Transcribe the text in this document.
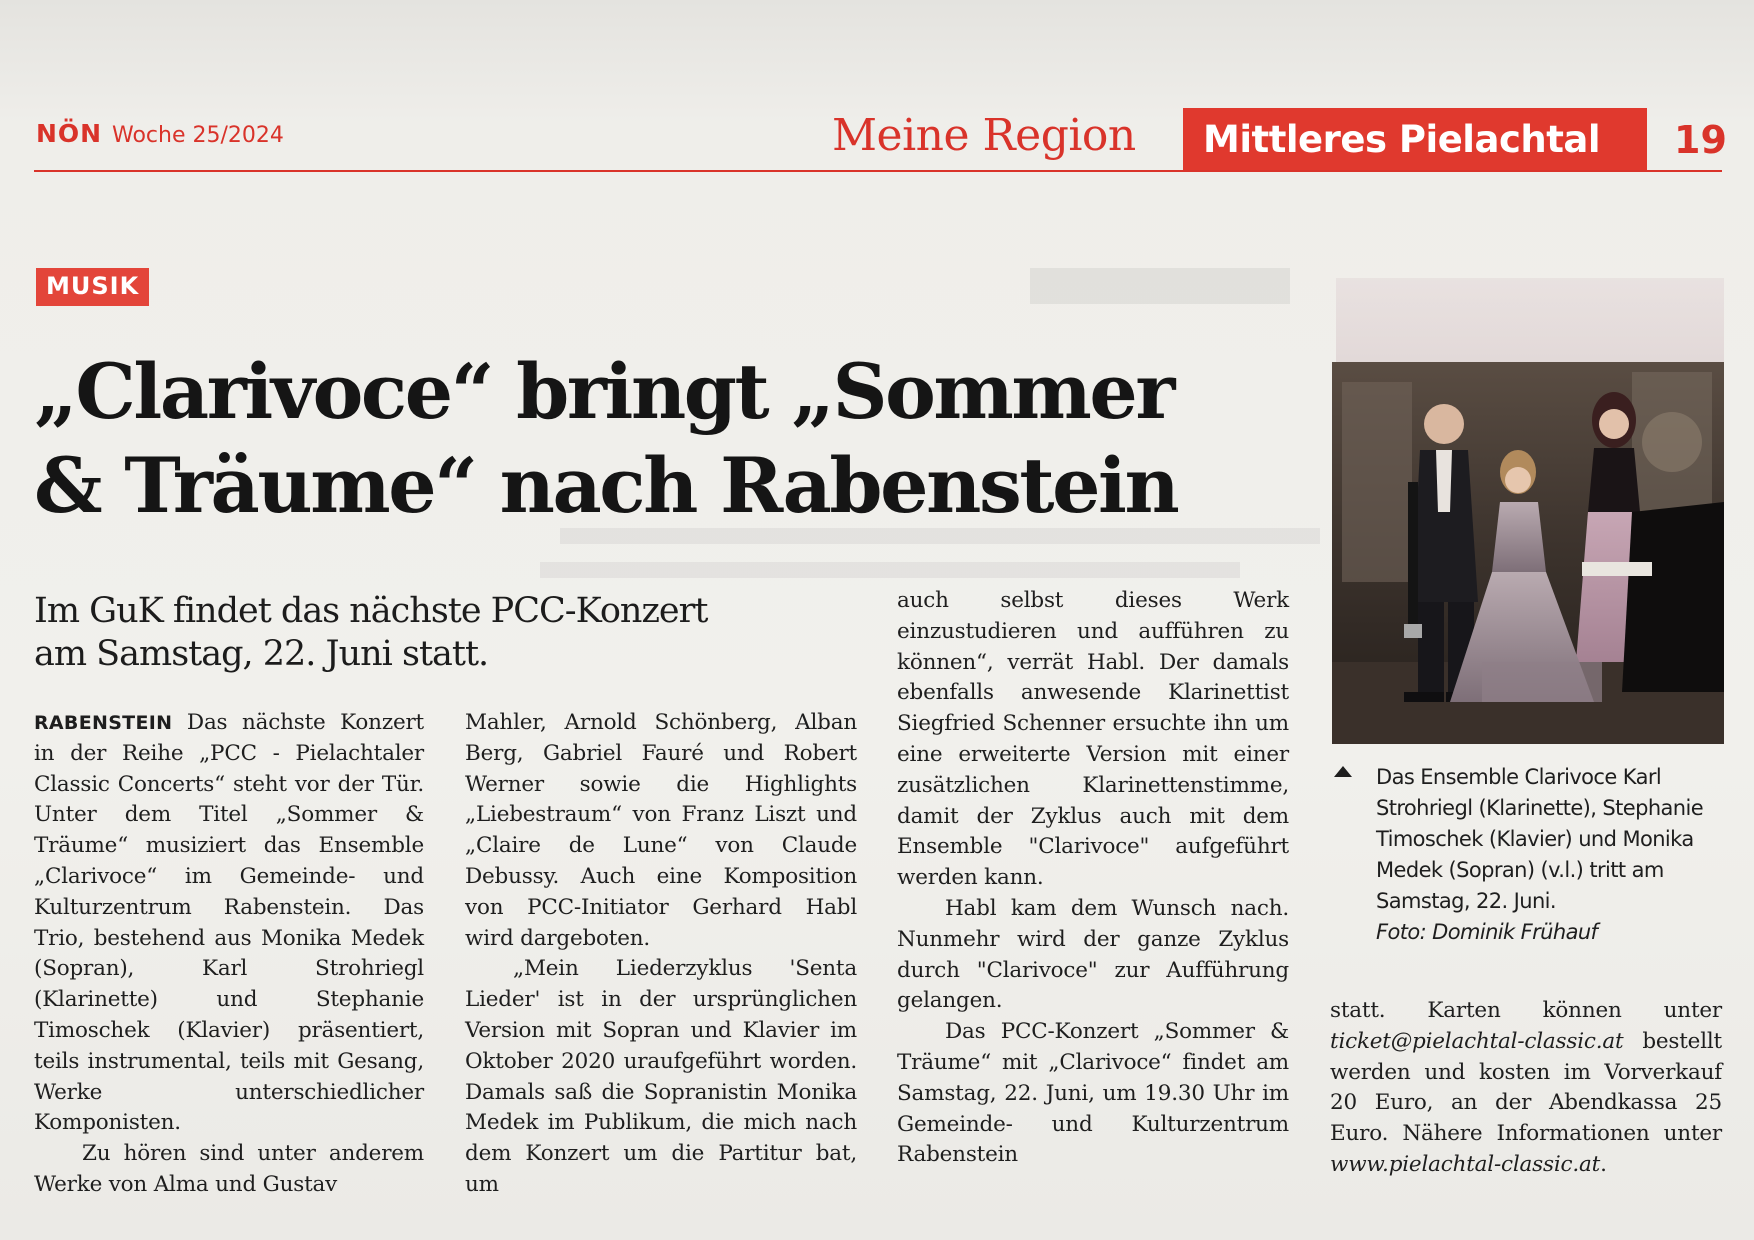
NÖN Woche 25/2024	Meine Region	Mittleres Pielachtal	19
MUSIK
„Clarivoce“ bringt „Sommer
& Träume“ nach Rabenstein
Im GuK findet das nächste PCC-Konzert
am Samstag, 22. Juni statt.

RABENSTEIN Das nächste Konzert in der Reihe „PCC - Pielachtaler Classic Concerts“ steht vor der Tür. Unter dem Titel „Sommer & Träume“ musiziert das Ensemble „Clarivoce“ im Gemeinde- und Kulturzentrum Rabenstein. Das Trio, bestehend aus Monika Medek (Sopran), Karl Strohriegl (Klarinette) und Stephanie Timoschek (Klavier) präsentiert, teils instrumental, teils mit Gesang, Werke unterschiedlicher Komponisten.

Zu hören sind unter anderem Werke von Alma und Gustav

Mahler, Arnold Schönberg, Alban Berg, Gabriel Fauré und Robert Werner sowie die Highlights „Liebestraum“ von Franz Liszt und „Claire de Lune“ von Claude Debussy. Auch eine Komposition von PCC-Initiator Gerhard Habl wird dargeboten.

„Mein Liederzyklus 'Senta Lieder' ist in der ursprünglichen Version mit Sopran und Klavier im Oktober 2020 uraufgeführt worden. Damals saß die Sopranistin Monika Medek im Publikum, die mich nach dem Konzert um die Partitur bat, um

auch selbst dieses Werk einzustudieren und aufführen zu können“, verrät Habl. Der damals ebenfalls anwesende Klarinettist Siegfried Schenner ersuchte ihn um eine erweiterte Version mit einer zusätzlichen Klarinettenstimme, damit der Zyklus auch mit dem Ensemble "Clarivoce" aufgeführt werden kann.

Habl kam dem Wunsch nach. Nunmehr wird der ganze Zyklus durch "Clarivoce" zur Aufführung gelangen.

Das PCC-Konzert „Sommer & Träume“ mit „Clarivoce“ findet am Samstag, 22. Juni, um 19.30 Uhr im Gemeinde- und Kulturzentrum Rabenstein

Das Ensemble Clarivoce Karl Strohriegl (Klarinette), Stephanie Timoschek (Klavier) und Monika Medek (Sopran) (v.l.) tritt am Samstag, 22. Juni.
Foto: Dominik Frühauf

statt. Karten können unter ticket@pielachtal-classic.at bestellt werden und kosten im Vorverkauf 20 Euro, an der Abendkassa 25 Euro. Nähere Informationen unter www.pielachtal-classic.at.
